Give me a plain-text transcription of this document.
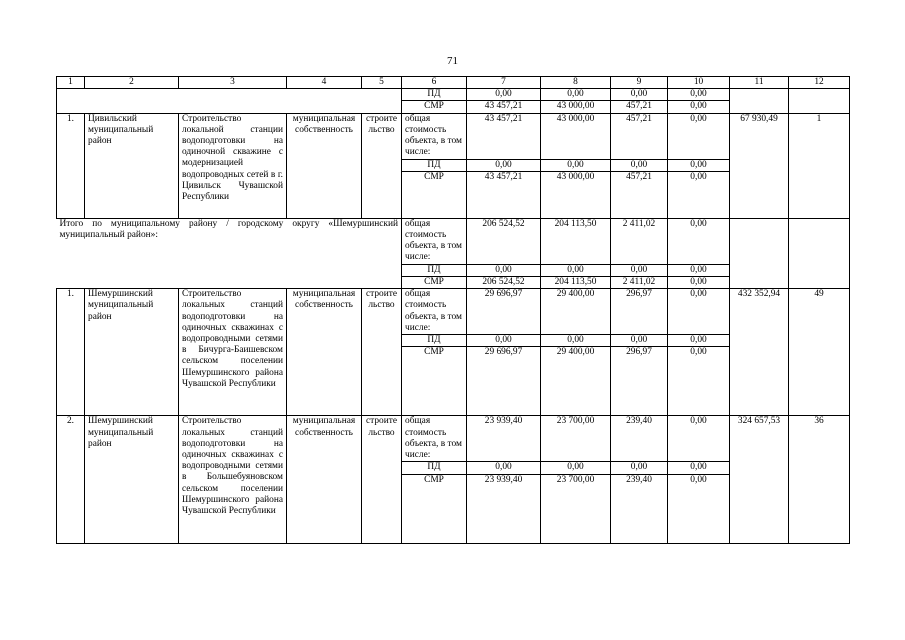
71
1	2	3	4	5	6	7	8	9	10	11	12
					ПД	0,00	0,00	0,00	0,00		
					СМР	43 457,21	43 000,00	457,21	0,00		
1.	Цивильский муниципальный район	Строительство локальной станции водоподготовки на одиночной скважине с модернизацией водопроводных сетей в г. Цивильск Чувашской Республики	муниципальная собственность	строительство	общая стоимость объекта, в том числе:	43 457,21	43 000,00	457,21	0,00	67 930,49	1
					ПД	0,00	0,00	0,00	0,00		
					СМР	43 457,21	43 000,00	457,21	0,00		
Итого по муниципальному району / городскому округу «Шемуршинский муниципальный район»:					общая стоимость объекта, в том числе:	206 524,52	204 113,50	2 411,02	0,00		
					ПД	0,00	0,00	0,00	0,00		
					СМР	206 524,52	204 113,50	2 411,02	0,00		
1.	Шемуршинский муниципальный район	Строительство локальных станций водоподготовки на одиночных скважинах с водопроводными сетями в Бичурга-Баишевском сельском поселении Шемуршинского района Чувашской Республики	муниципальная собственность	строительство	общая стоимость объекта, в том числе:	29 696,97	29 400,00	296,97	0,00	432 352,94	49
					ПД	0,00	0,00	0,00	0,00		
					СМР	29 696,97	29 400,00	296,97	0,00		
2.	Шемуршинский муниципальный район	Строительство локальных станций водоподготовки на одиночных скважинах с водопроводными сетями в Большебуяновском сельском поселении Шемуршинского района Чувашской Республики	муниципальная собственность	строительство	общая стоимость объекта, в том числе:	23 939,40	23 700,00	239,40	0,00	324 657,53	36
					ПД	0,00	0,00	0,00	0,00		
					СМР	23 939,40	23 700,00	239,40	0,00		
